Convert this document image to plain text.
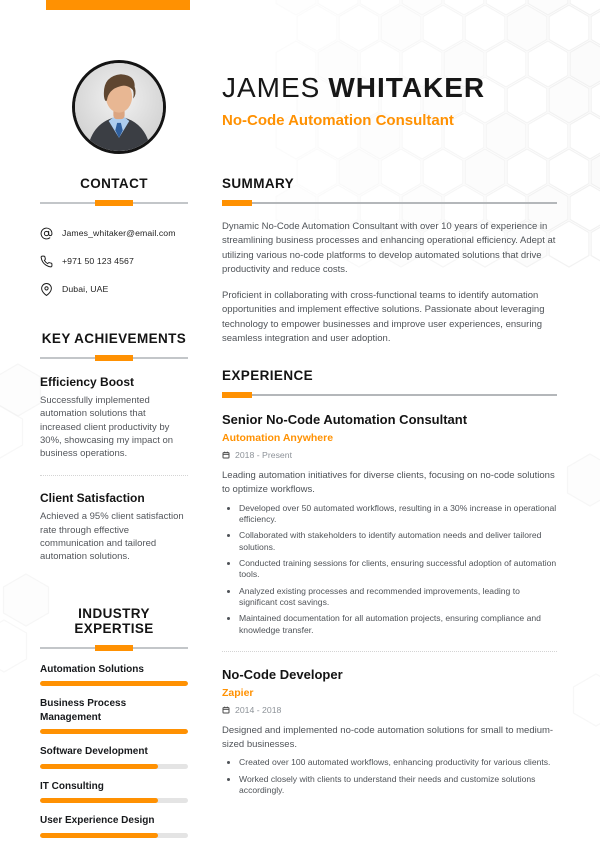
JAMES WHITAKER
No-Code Automation Consultant
CONTACT
James_whitaker@email.com
+971 50 123 4567
Dubai, UAE
KEY ACHIEVEMENTS
Efficiency Boost
Successfully implemented automation solutions that increased client productivity by 30%, showcasing my impact on business operations.
Client Satisfaction
Achieved a 95% client satisfaction rate through effective communication and tailored automation solutions.
INDUSTRY EXPERTISE
Automation Solutions
Business Process Management
Software Development
IT Consulting
User Experience Design
SUMMARY

Dynamic No-Code Automation Consultant with over 10 years of experience in streamlining business processes and enhancing operational efficiency. Adept at utilizing various no-code platforms to develop automated solutions that drive productivity and reduce costs.

Proficient in collaborating with cross-functional teams to identify automation opportunities and implement effective solutions. Passionate about leveraging technology to empower businesses and improve user experiences, ensuring seamless integration and user adoption.

EXPERIENCE
Senior No-Code Automation Consultant
Automation Anywhere
2018 - Present
Leading automation initiatives for diverse clients, focusing on no-code solutions to optimize workflows.
• Developed over 50 automated workflows, resulting in a 30% increase in operational efficiency.
• Collaborated with stakeholders to identify automation needs and deliver tailored solutions.
• Conducted training sessions for clients, ensuring successful adoption of automation tools.
• Analyzed existing processes and recommended improvements, leading to significant cost savings.
• Maintained documentation for all automation projects, ensuring compliance and knowledge transfer.
No-Code Developer
Zapier
2014 - 2018
Designed and implemented no-code automation solutions for small to medium-sized businesses.
• Created over 100 automated workflows, enhancing productivity for various clients.
• Worked closely with clients to understand their needs and customize solutions accordingly.
